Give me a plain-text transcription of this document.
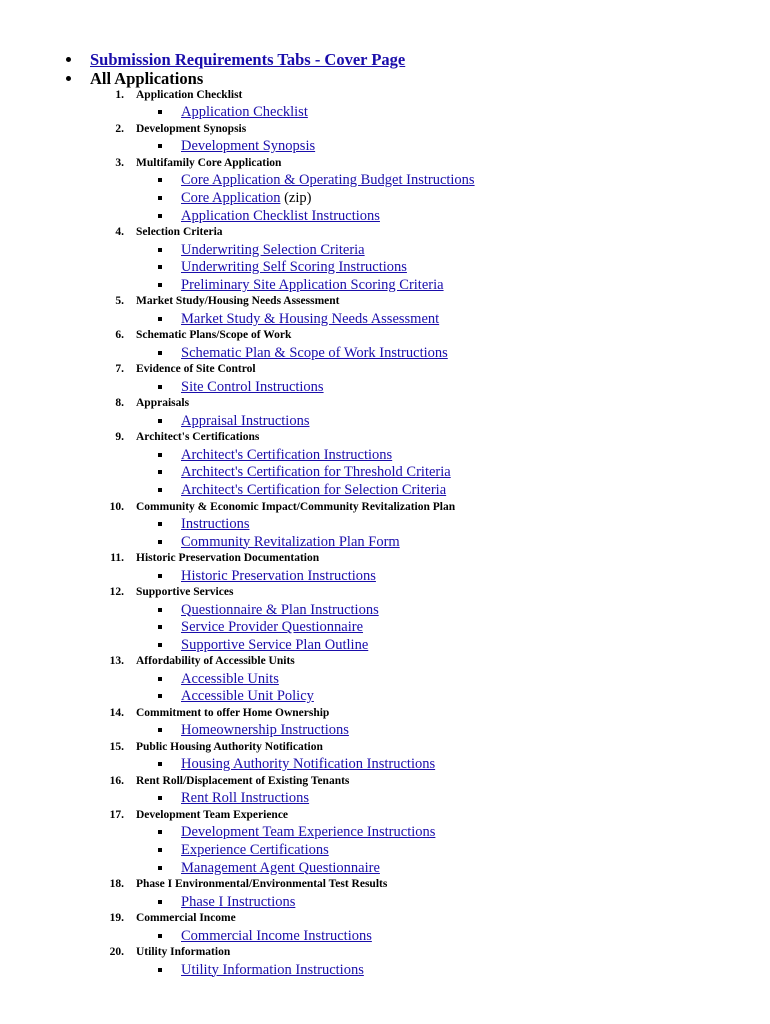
Submission Requirements Tabs - Cover Page
All Applications
1. Application Checklist
Application Checklist
2. Development Synopsis
Development Synopsis
3. Multifamily Core Application
Core Application & Operating Budget Instructions
Core Application (zip)
Application Checklist Instructions
4. Selection Criteria
Underwriting Selection Criteria
Underwriting Self Scoring Instructions
Preliminary Site Application Scoring Criteria
5. Market Study/Housing Needs Assessment
Market Study & Housing Needs Assessment
6. Schematic Plans/Scope of Work
Schematic Plan & Scope of Work Instructions
7. Evidence of Site Control
Site Control Instructions
8. Appraisals
Appraisal Instructions
9. Architect's Certifications
Architect's Certification Instructions
Architect's Certification for Threshold Criteria
Architect's Certification for Selection Criteria
10. Community & Economic Impact/Community Revitalization Plan
Instructions
Community Revitalization Plan Form
11. Historic Preservation Documentation
Historic Preservation Instructions
12. Supportive Services
Questionnaire & Plan Instructions
Service Provider Questionnaire
Supportive Service Plan Outline
13. Affordability of Accessible Units
Accessible Units
Accessible Unit Policy
14. Commitment to offer Home Ownership
Homeownership Instructions
15. Public Housing Authority Notification
Housing Authority Notification Instructions
16. Rent Roll/Displacement of Existing Tenants
Rent Roll Instructions
17. Development Team Experience
Development Team Experience Instructions
Experience Certifications
Management Agent Questionnaire
18. Phase I Environmental/Environmental Test Results
Phase I Instructions
19. Commercial Income
Commercial Income Instructions
20. Utility Information
Utility Information Instructions
